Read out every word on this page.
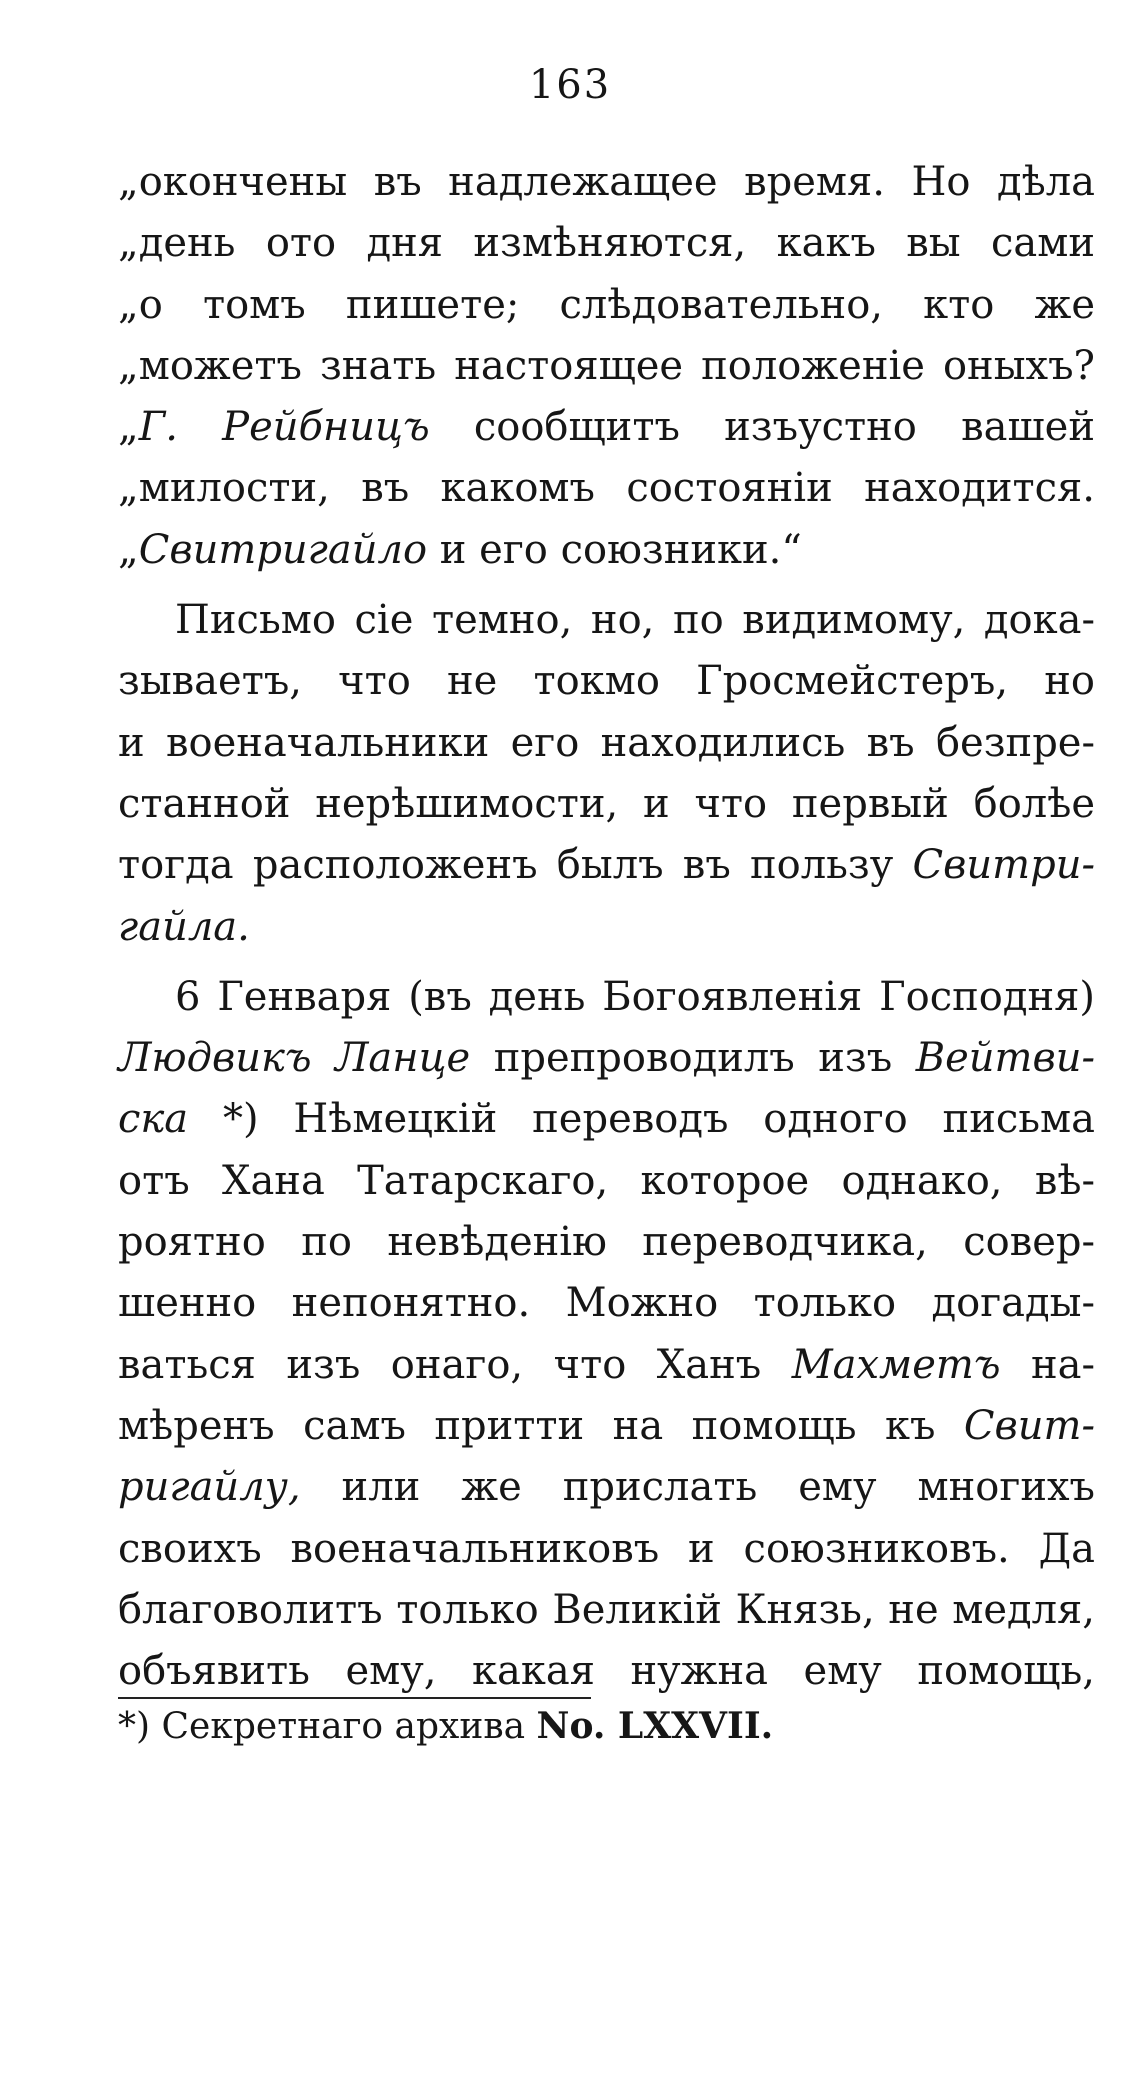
163
„окончены въ надлежащее время. Но дѣла
„день ото дня измѣняются, какъ вы сами
„о томъ пишете; слѣдовательно, кто же
„можетъ знать настоящее положеніе оныхъ?
„Г. Рейбницъ сообщитъ изъустно вашей
„милости, въ какомъ состояніи находится.
„Свитригайло и его союзники.“
Письмо сіе темно, но, по видимому, дока-
зываетъ, что не токмо Гросмейстеръ, но
и военачальники его находились въ безпре-
станной нерѣшимости, и что первый болѣе
тогда расположенъ былъ въ пользу Свитри-
гайла.
6 Генваря (въ день Богоявленія Господня)
Людвикъ Ланце препроводилъ изъ Вейтви-
ска *) Нѣмецкій переводъ одного письма
отъ Хана Татарскаго, которое однако, вѣ-
роятно по невѣденію переводчика, совер-
шенно непонятно. Можно только догады-
ваться изъ онаго, что Ханъ Махметъ на-
мѣренъ самъ притти на помощь къ Свит-
ригайлу, или же прислать ему многихъ
своихъ военачальниковъ и союзниковъ. Да
благоволитъ только Великій Князь, не медля,
объявить ему, какая нужна ему помощь,
*) Секретнаго архива No. LXXVII.
